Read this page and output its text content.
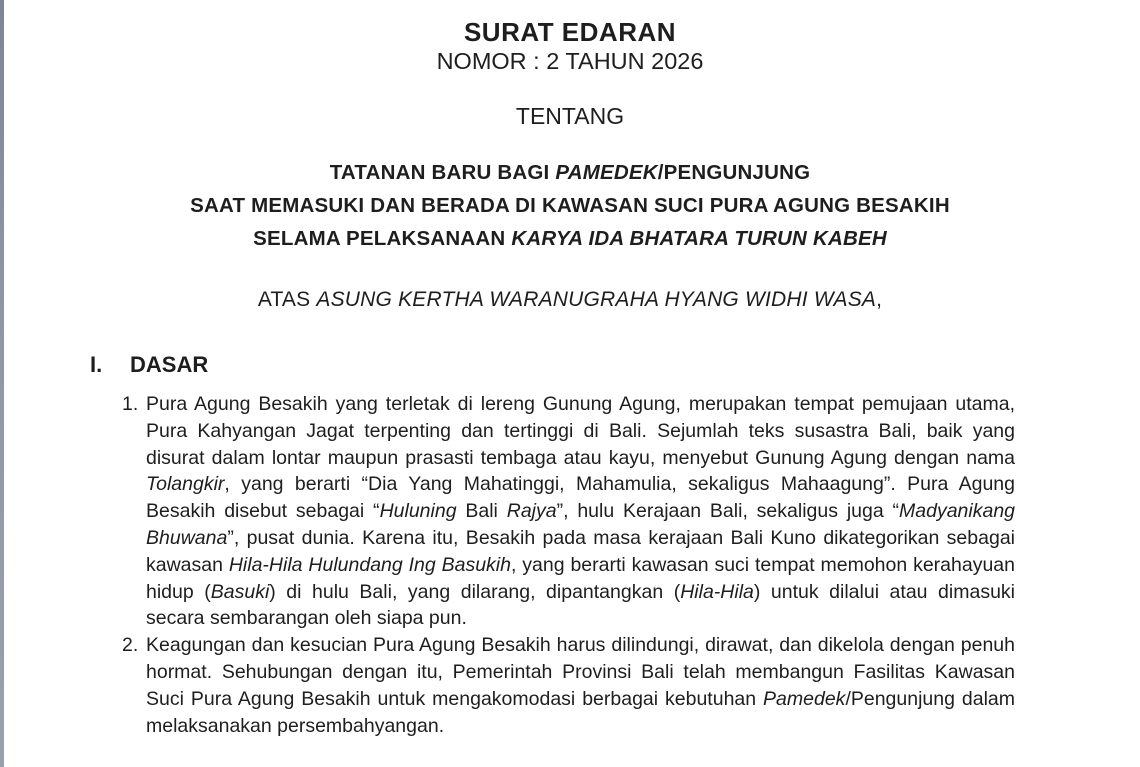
SURAT EDARAN
NOMOR : 2 TAHUN 2026
TENTANG
TATANAN BARU BAGI PAMEDEK/PENGUNJUNG
SAAT MEMASUKI DAN BERADA DI KAWASAN SUCI PURA AGUNG BESAKIH
SELAMA PELAKSANAAN KARYA IDA BHATARA TURUN KABEH
ATAS ASUNG KERTHA WARANUGRAHA HYANG WIDHI WASA,
I. DASAR
1. Pura Agung Besakih yang terletak di lereng Gunung Agung, merupakan tempat pemujaan utama, Pura Kahyangan Jagat terpenting dan tertinggi di Bali. Sejumlah teks susastra Bali, baik yang disurat dalam lontar maupun prasasti tembaga atau kayu, menyebut Gunung Agung dengan nama Tolangkir, yang berarti “Dia Yang Mahatinggi, Mahamulia, sekaligus Mahaagung”. Pura Agung Besakih disebut sebagai “Huluning Bali Rajya”, hulu Kerajaan Bali, sekaligus juga “Madyanikang Bhuwana”, pusat dunia. Karena itu, Besakih pada masa kerajaan Bali Kuno dikategorikan sebagai kawasan Hila-Hila Hulundang Ing Basukih, yang berarti kawasan suci tempat memohon kerahayuan hidup (Basuki) di hulu Bali, yang dilarang, dipantangkan (Hila-Hila) untuk dilalui atau dimasuki secara sembarangan oleh siapa pun.
2. Keagungan dan kesucian Pura Agung Besakih harus dilindungi, dirawat, dan dikelola dengan penuh hormat. Sehubungan dengan itu, Pemerintah Provinsi Bali telah membangun Fasilitas Kawasan Suci Pura Agung Besakih untuk mengakomodasi berbagai kebutuhan Pamedek/Pengunjung dalam melaksanakan persembahyangan.
